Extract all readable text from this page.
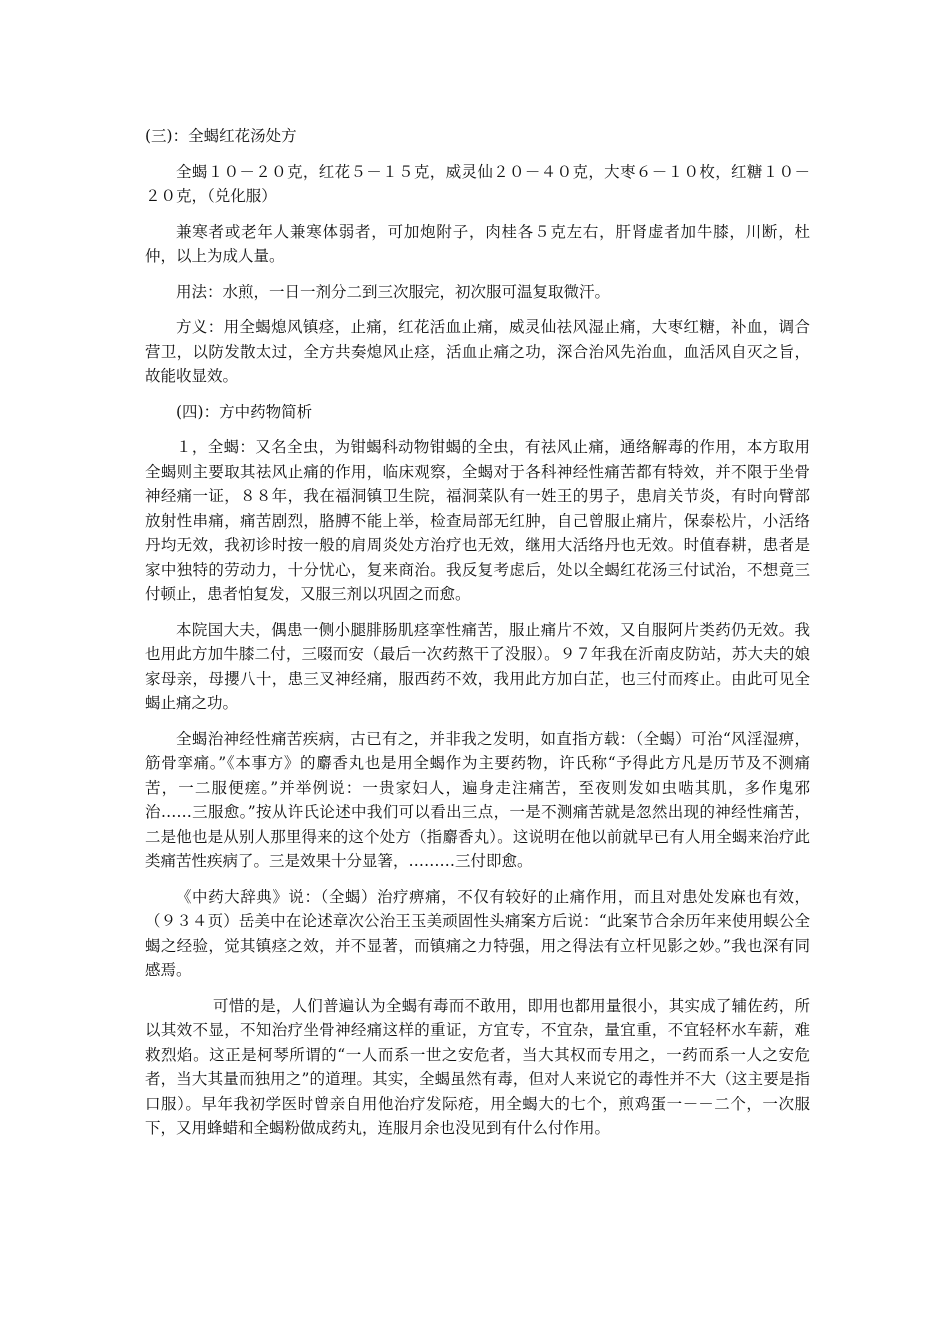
(三)：全蝎红花汤处方

全蝎１０－２０克，红花５－１５克，威灵仙２０－４０克，大枣６－１０枚，红糖１０－２０克，（兑化服）

兼寒者或老年人兼寒体弱者，可加炮附子，肉桂各５克左右，肝肾虚者加牛膝，川断，杜仲，以上为成人量。

用法：水煎，一日一剂分二到三次服完，初次服可温复取微汗。

方义：用全蝎熄风镇痉，止痛，红花活血止痛，威灵仙祛风湿止痛，大枣红糖，补血，调合营卫，以防发散太过，全方共奏熄风止痉，活血止痛之功，深合治风先治血，血活风自灭之旨，故能收显效。

(四)：方中药物简析

１，全蝎：又名全虫，为钳蝎科动物钳蝎的全虫，有祛风止痛，通络解毒的作用，本方取用全蝎则主要取其祛风止痛的作用，临床观察，全蝎对于各科神经性痛苦都有特效，并不限于坐骨神经痛一证，８８年，我在福洞镇卫生院，福洞菜队有一姓王的男子，患肩关节炎，有时向臂部放射性串痛，痛苦剧烈，胳膊不能上举，检查局部无红肿，自己曾服止痛片，保泰松片，小活络丹均无效，我初诊时按一般的肩周炎处方治疗也无效，继用大活络丹也无效。时值春耕，患者是家中独特的劳动力，十分忧心，复来商治。我反复考虑后，处以全蝎红花汤三付试治，不想竟三付顿止，患者怕复发，又服三剂以巩固之而愈。

本院国大夫，偶患一侧小腿腓肠肌痉挛性痛苦，服止痛片不效，又自服阿片类药仍无效。我也用此方加牛膝二付，三啜而安（最后一次药熬干了没服）。９７年我在沂南皮防站，苏大夫的娘家母亲，母攖八十，患三叉神经痛，服西药不效，我用此方加白芷，也三付而疼止。由此可见全蝎止痛之功。

全蝎治神经性痛苦疾病，古已有之，并非我之发明，如直指方载：（全蝎）可治“风淫湿痹，筋骨挛痛。”《本事方》的麝香丸也是用全蝎作为主要药物，许氏称“予得此方凡是历节及不测痛苦，一二服便瘥。”并举例说：一贵家妇人，遍身走注痛苦，至夜则发如虫啮其肌，多作鬼邪治……三服愈。”按从许氏论述中我们可以看出三点，一是不测痛苦就是忽然出现的神经性痛苦，二是他也是从别人那里得来的这个处方（指麝香丸）。这说明在他以前就早已有人用全蝎来治疗此类痛苦性疾病了。三是效果十分显箸，………三付即愈。

《中药大辞典》说：（全蝎）治疗痹痛，不仅有较好的止痛作用，而且对患处发麻也有效，（９３４页）岳美中在论述章次公治王玉美顽固性头痛案方后说：“此案节合余历年来使用蜈公全蝎之经验，觉其镇痉之效，并不显著，而镇痛之力特强，用之得法有立杆见影之妙。”我也深有同感焉。

可惜的是，人们普遍认为全蝎有毒而不敢用，即用也都用量很小，其实成了辅佐药，所以其效不显，不知治疗坐骨神经痛这样的重证，方宜专，不宜杂，量宜重，不宜轻杯水车薪，难救烈焰。这正是柯琴所谓的“一人而系一世之安危者，当大其权而专用之，一药而系一人之安危者，当大其量而独用之”的道理。其实，全蝎虽然有毒，但对人来说它的毒性并不大（这主要是指口服）。早年我初学医时曾亲自用他治疗发际疮，用全蝎大的七个，煎鸡蛋一－－二个，一次服下，又用蜂蜡和全蝎粉做成药丸，连服月余也没见到有什么付作用。
